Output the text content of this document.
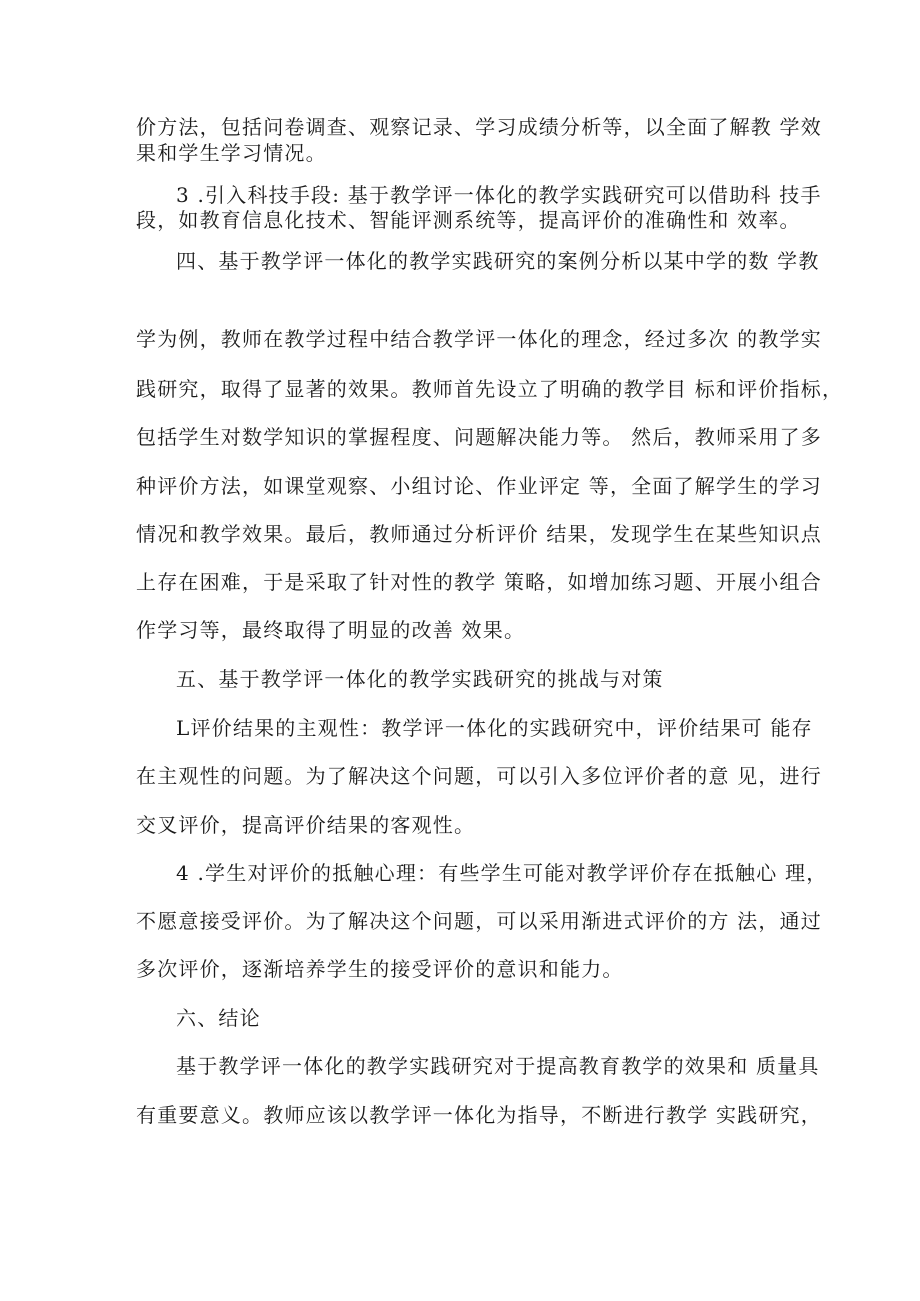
价方法，包括问卷调查、观察记录、学习成绩分析等，以全面了解教 学效
果和学生学习情况。
3 .引入科技手段: 基于教学评一体化的教学实践研究可以借助科 技手
段，如教育信息化技术、智能评测系统等，提高评价的准确性和 效率。
四、基于教学评一体化的教学实践研究的案例分析以某中学的数 学教
学为例，教师在教学过程中结合教学评一体化的理念，经过多次 的教学实
践研究，取得了显著的效果。教师首先设立了明确的教学目 标和评价指标，
包括学生对数学知识的掌握程度、问题解决能力等。 然后，教师采用了多
种评价方法，如课堂观察、小组讨论、作业评定 等，全面了解学生的学习
情况和教学效果。最后，教师通过分析评价 结果，发现学生在某些知识点
上存在困难，于是采取了针对性的教学 策略，如增加练习题、开展小组合
作学习等，最终取得了明显的改善 效果。
五、基于教学评一体化的教学实践研究的挑战与对策
L评价结果的主观性：教学评一体化的实践研究中，评价结果可 能存
在主观性的问题。为了解决这个问题，可以引入多位评价者的意 见，进行
交叉评价，提高评价结果的客观性。
4 .学生对评价的抵触心理：有些学生可能对教学评价存在抵触心 理，
不愿意接受评价。为了解决这个问题，可以采用渐进式评价的方 法，通过
多次评价，逐渐培养学生的接受评价的意识和能力。
六、结论
基于教学评一体化的教学实践研究对于提高教育教学的效果和 质量具
有重要意义。教师应该以教学评一体化为指导，不断进行教学 实践研究，
